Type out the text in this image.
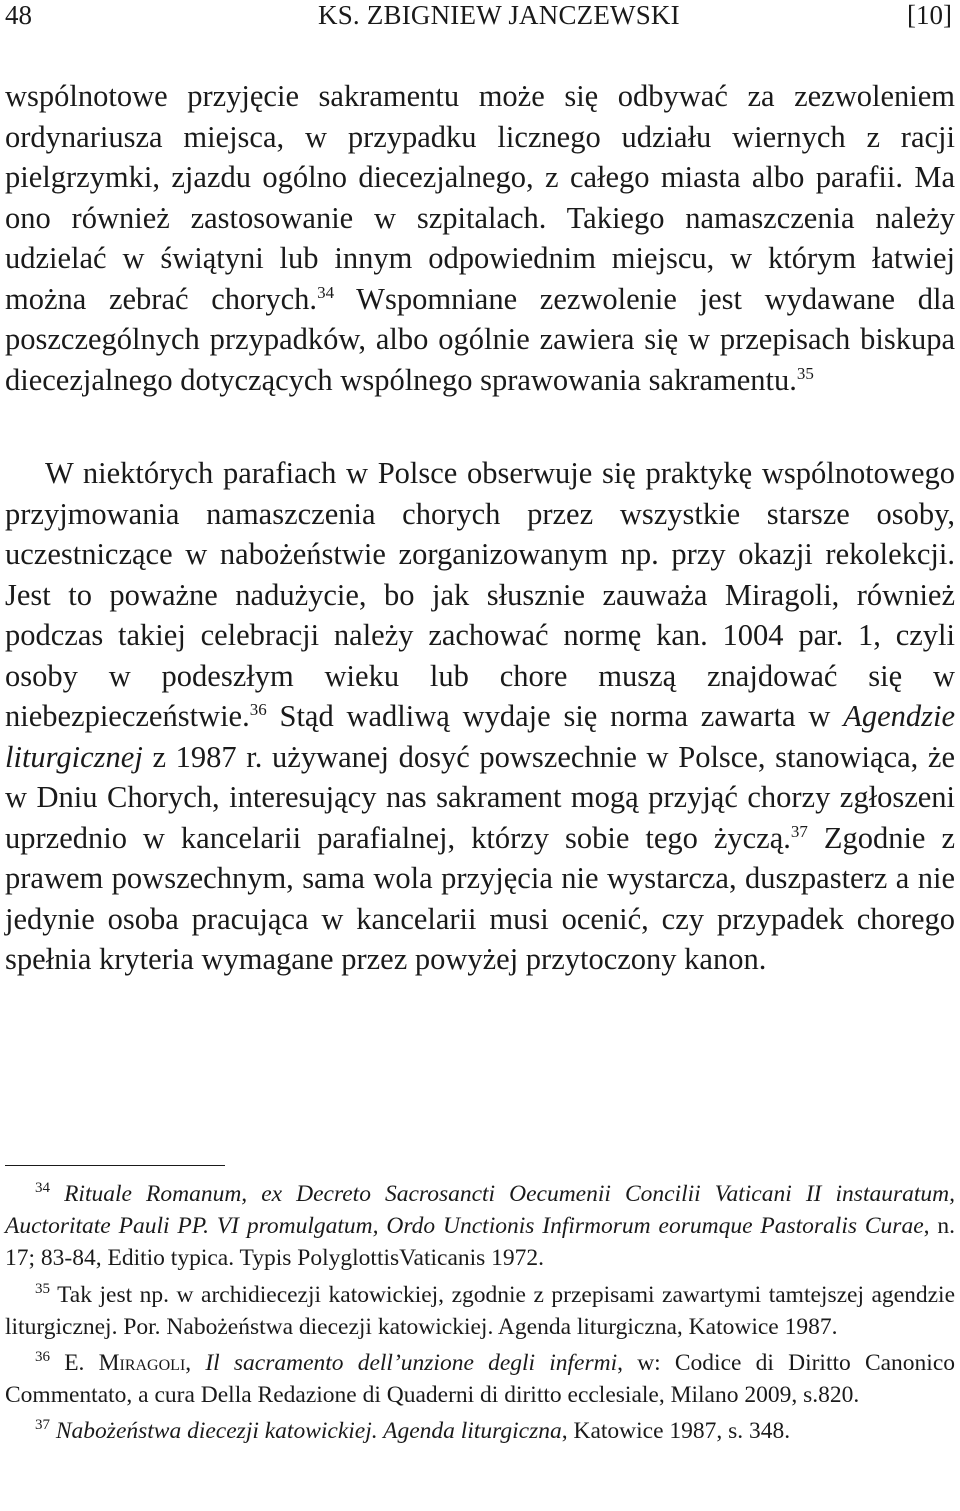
48	KS. ZBIGNIEW JANCZEWSKI	[10]

wspólnotowe przyjęcie sakramentu może się odbywać za zezwoleniem ordynariusza miejsca, w przypadku licznego udziału wiernych z racji pielgrzymki, zjazdu ogólno diecezjalnego, z całego miasta albo parafii. Ma ono również zastosowanie w szpitalach. Takiego namaszczenia należy udzielać w świątyni lub innym odpowiednim miejscu, w którym łatwiej można zebrać chorych.$^{34}$ Wspomniane zezwolenie jest wydawane dla poszczególnych przypadków, albo ogólnie zawiera się w przepisach biskupa diecezjalnego dotyczących wspólnego sprawowania sakramentu.$^{35}$

W niektórych parafiach w Polsce obserwuje się praktykę wspólnotowego przyjmowania namaszczenia chorych przez wszystkie starsze osoby, uczestniczące w nabożeństwie zorganizowanym np. przy okazji rekolekcji. Jest to poważne nadużycie, bo jak słusznie zauważa Miragoli, również podczas takiej celebracji należy zachować normę kan. 1004 par. 1, czyli osoby w podeszłym wieku lub chore muszą znajdować się w niebezpieczeństwie.$^{36}$ Stąd wadliwą wydaje się norma zawarta w Agendzie liturgicznej z 1987 r. używanej dosyć powszechnie w Polsce, stanowiąca, że w Dniu Chorych, interesujący nas sakrament mogą przyjąć chorzy zgłoszeni uprzednio w kancelarii parafialnej, którzy sobie tego życzą.$^{37}$ Zgodnie z prawem powszechnym, sama wola przyjęcia nie wystarcza, duszpasterz a nie jedynie osoba pracująca w kancelarii musi ocenić, czy przypadek chorego spełnia kryteria wymagane przez powyżej przytoczony kanon.

$^{34}$ Rituale Romanum, ex Decreto Sacrosancti Oecumenii Concilii Vaticani II instauratum, Auctoritate Pauli PP. VI promulgatum, Ordo Unctionis Infirmorum eorumque Pastoralis Curae, n. 17; 83-84, Editio typica. Typis PolyglottisVaticanis 1972.

$^{35}$ Tak jest np. w archidiecezji katowickiej, zgodnie z przepisami zawartymi tamtejszej agendzie liturgicznej. Por. Nabożeństwa diecezji katowickiej. Agenda liturgiczna, Katowice 1987.

$^{36}$ E. Miragoli, Il sacramento dell’unzione degli infermi, w: Codice di Diritto Canonico Commentato, a cura Della Redazione di Quaderni di diritto ecclesiale, Milano 2009, s.820.

$^{37}$ Nabożeństwa diecezji katowickiej. Agenda liturgiczna, Katowice 1987, s. 348.
